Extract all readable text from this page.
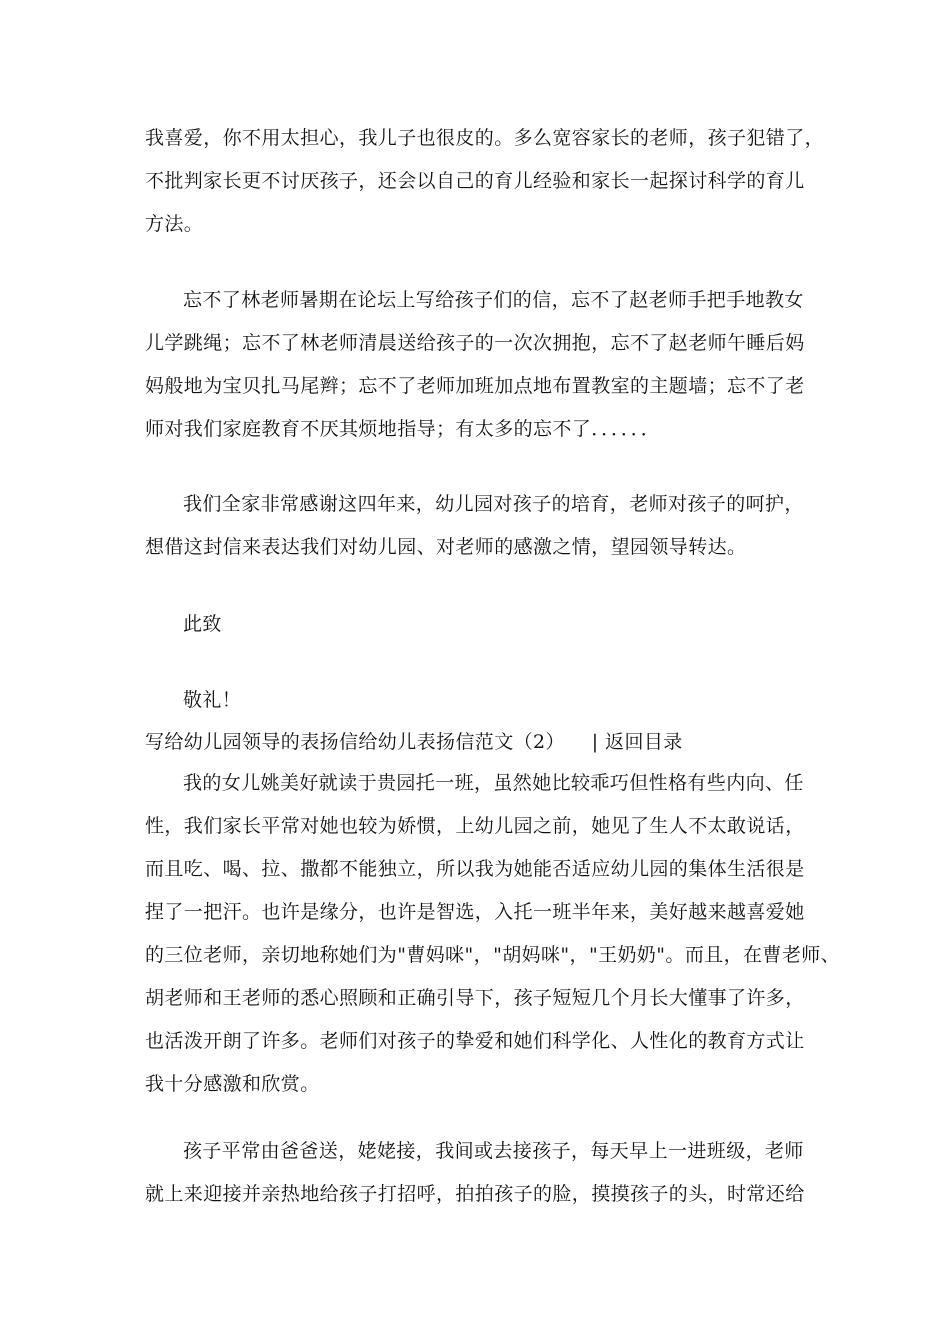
我喜爱，你不用太担心，我儿子也很皮的。多么宽容家长的老师，孩子犯错了，
不批判家长更不讨厌孩子，还会以自己的育儿经验和家长一起探讨科学的育儿
方法。
忘不了林老师暑期在论坛上写给孩子们的信，忘不了赵老师手把手地教女
儿学跳绳；忘不了林老师清晨送给孩子的一次次拥抱，忘不了赵老师午睡后妈
妈般地为宝贝扎马尾辫；忘不了老师加班加点地布置教室的主题墙；忘不了老
师对我们家庭教育不厌其烦地指导；有太多的忘不了．．．．．．
我们全家非常感谢这四年来，幼儿园对孩子的培育，老师对孩子的呵护，
想借这封信来表达我们对幼儿园、对老师的感激之情，望园领导转达。
此致
敬礼！
写给幼儿园领导的表扬信给幼儿表扬信范文（2） | 返回目录
我的女儿姚美好就读于贵园托一班，虽然她比较乖巧但性格有些内向、任
性，我们家长平常对她也较为娇惯，上幼儿园之前，她见了生人不太敢说话，
而且吃、喝、拉、撒都不能独立，所以我为她能否适应幼儿园的集体生活很是
捏了一把汗。也许是缘分，也许是智选，入托一班半年来，美好越来越喜爱她
的三位老师，亲切地称她们为"曹妈咪"，"胡妈咪"，"王奶奶"。而且，在曹老师、
胡老师和王老师的悉心照顾和正确引导下，孩子短短几个月长大懂事了许多，
也活泼开朗了许多。老师们对孩子的挚爱和她们科学化、人性化的教育方式让
我十分感激和欣赏。
孩子平常由爸爸送，姥姥接，我间或去接孩子，每天早上一进班级，老师
就上来迎接并亲热地给孩子打招呼，拍拍孩子的脸，摸摸孩子的头，时常还给
